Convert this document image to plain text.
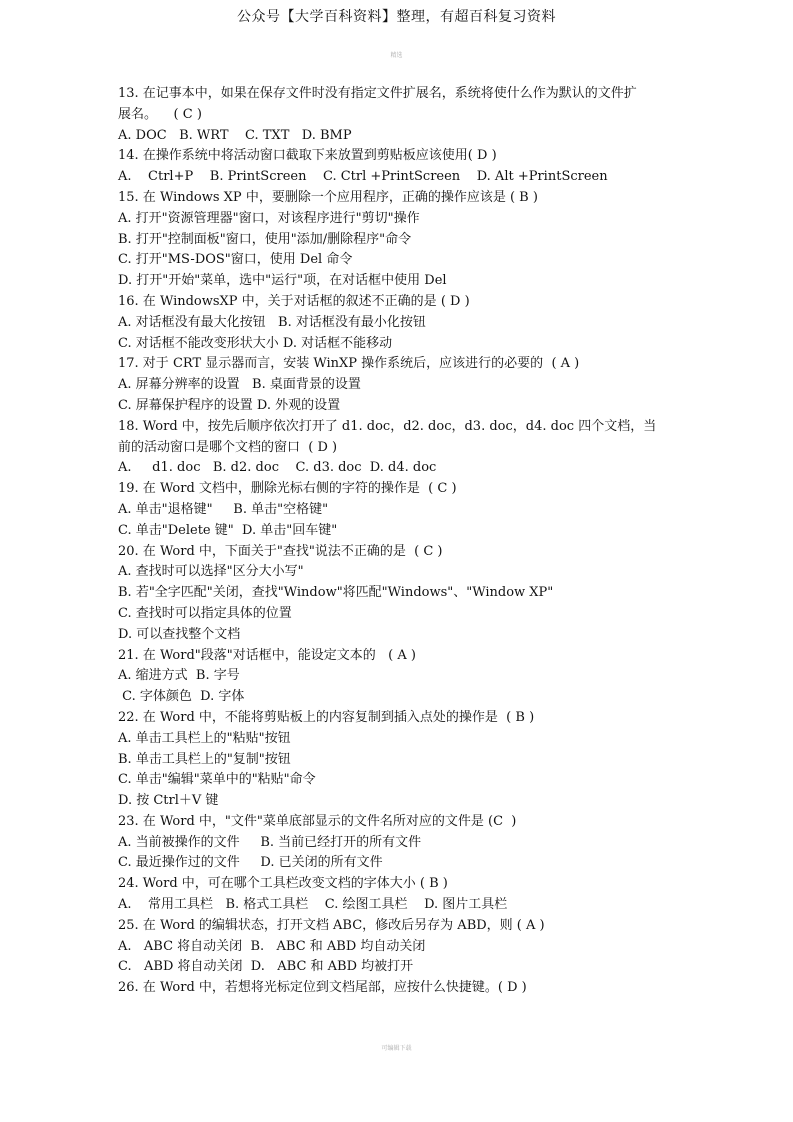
公众号【大学百科资料】整理，有超百科复习资料
精选
13. 在记事本中，如果在保存文件时没有指定文件扩展名，系统将使什么作为默认的文件扩
展名。    ( C )
A. DOC   B. WRT    C. TXT   D. BMP
14. 在操作系统中将活动窗口截取下来放置到剪贴板应该使用( D )
A.    Ctrl+P    B. PrintScreen    C. Ctrl +PrintScreen    D. Alt +PrintScreen
15. 在 Windows XP 中，要删除一个应用程序，正确的操作应该是 ( B )
A. 打开"资源管理器"窗口，对该程序进行"剪切"操作
B. 打开"控制面板"窗口，使用"添加/删除程序"命令
C. 打开"MS-DOS"窗口，使用 Del 命令
D. 打开"开始"菜单，选中"运行"项，在对话框中使用 Del
16. 在 WindowsXP 中，关于对话框的叙述不正确的是 ( D )
A. 对话框没有最大化按钮   B. 对话框没有最小化按钮
C. 对话框不能改变形状大小 D. 对话框不能移动
17. 对于 CRT 显示器而言，安装 WinXP 操作系统后，应该进行的必要的  ( A )
A. 屏幕分辨率的设置   B. 桌面背景的设置
C. 屏幕保护程序的设置 D. 外观的设置
18. Word 中，按先后顺序依次打开了 d1. doc，d2. doc，d3. doc，d4. doc 四个文档，当
前的活动窗口是哪个文档的窗口  ( D )
A.     d1. doc   B. d2. doc    C. d3. doc  D. d4. doc
19. 在 Word 文档中，删除光标右侧的字符的操作是  ( C )
A. 单击"退格键"     B. 单击"空格键"
C. 单击"Delete 键"  D. 单击"回车键"
20. 在 Word 中，下面关于"查找"说法不正确的是  ( C )
A. 查找时可以选择"区分大小写"
B. 若"全字匹配"关闭，查找"Window"将匹配"Windows"、"Window XP"
C. 查找时可以指定具体的位置
D. 可以查找整个文档
21. 在 Word"段落"对话框中，能设定文本的   ( A )
A. 缩进方式  B. 字号
C. 字体颜色  D. 字体
22. 在 Word 中，不能将剪贴板上的内容复制到插入点处的操作是  ( B )
A. 单击工具栏上的"粘贴"按钮
B. 单击工具栏上的"复制"按钮
C. 单击"编辑"菜单中的"粘贴"命令
D. 按 Ctrl＋V 键
23. 在 Word 中，"文件"菜单底部显示的文件名所对应的文件是 (C  )
A. 当前被操作的文件     B. 当前已经打开的所有文件
C. 最近操作过的文件     D. 已关闭的所有文件
24. Word 中，可在哪个工具栏改变文档的字体大小 ( B )
A.    常用工具栏   B. 格式工具栏    C. 绘图工具栏    D. 图片工具栏
25. 在 Word 的编辑状态，打开文档 ABC，修改后另存为 ABD，则 ( A )
A.   ABC 将自动关闭  B.   ABC 和 ABD 均自动关闭
C.   ABD 将自动关闭  D.   ABC 和 ABD 均被打开
26. 在 Word 中，若想将光标定位到文档尾部，应按什么快捷键。( D )
可编辑下载
